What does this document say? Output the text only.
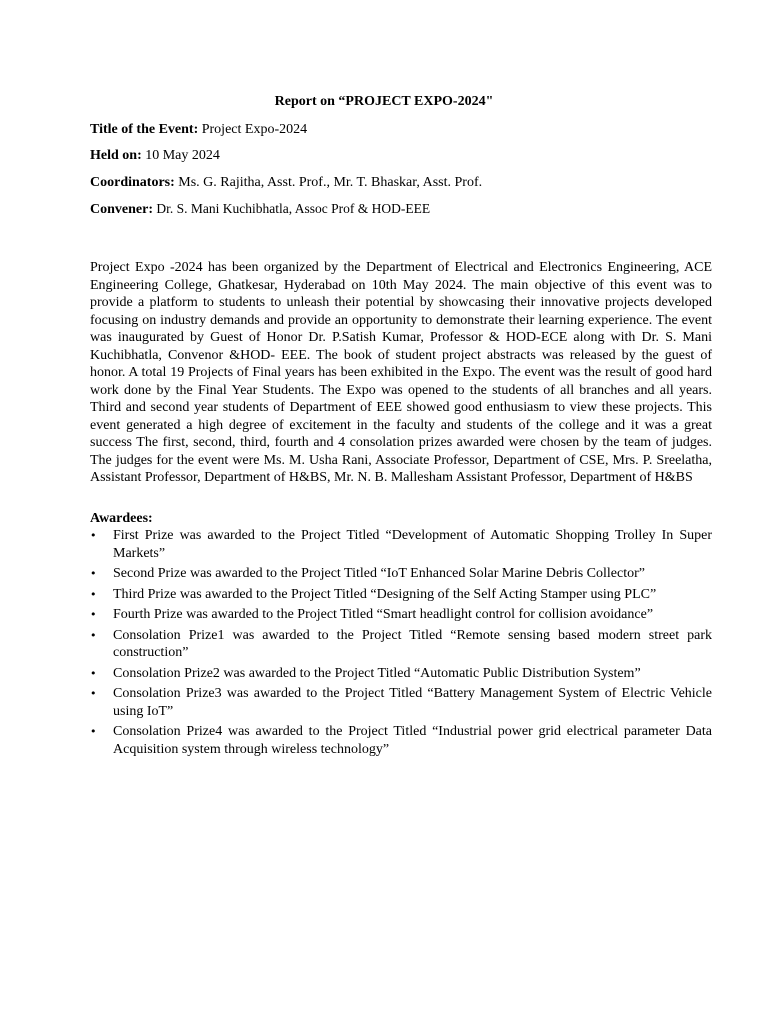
Report on “PROJECT EXPO-2024"
Title of the Event: Project Expo-2024
Held on: 10 May 2024
Coordinators: Ms. G. Rajitha, Asst. Prof., Mr. T. Bhaskar, Asst. Prof.
Convener: Dr. S. Mani Kuchibhatla, Assoc Prof & HOD-EEE

Project Expo -2024 has been organized by the Department of Electrical and Electronics Engineering, ACE Engineering College, Ghatkesar, Hyderabad on 10th May 2024. The main objective of this event was to provide a platform to students to unleash their potential by showcasing their innovative projects developed focusing on industry demands and provide an opportunity to demonstrate their learning experience. The event was inaugurated by Guest of Honor Dr. P.Satish Kumar, Professor & HOD-ECE along with Dr. S. Mani Kuchibhatla, Convenor &HOD- EEE. The book of student project abstracts was released by the guest of honor. A total 19 Projects of Final years has been exhibited in the Expo. The event was the result of good hard work done by the Final Year Students. The Expo was opened to the students of all branches and all years. Third and second year students of Department of EEE showed good enthusiasm to view these projects. This event generated a high degree of excitement in the faculty and students of the college and it was a great success The first, second, third, fourth and 4 consolation prizes awarded were chosen by the team of judges. The judges for the event were Ms. M. Usha Rani, Associate Professor, Department of CSE, Mrs. P. Sreelatha, Assistant Professor, Department of H&BS, Mr. N. B. Mallesham Assistant Professor, Department of H&BS

Awardees:
•	First Prize was awarded to the Project Titled “Development of Automatic Shopping Trolley In Super Markets”
•	Second Prize was awarded to the Project Titled “IoT Enhanced Solar Marine Debris Collector”
•	Third Prize was awarded to the Project Titled “Designing of the Self Acting Stamper using PLC”
•	Fourth Prize was awarded to the Project Titled “Smart headlight control for collision avoidance”
•	Consolation Prize1 was awarded to the Project Titled “Remote sensing based modern street park construction”
•	Consolation Prize2 was awarded to the Project Titled “Automatic Public Distribution System”
•	Consolation Prize3 was awarded to the Project Titled “Battery Management System of Electric Vehicle using IoT”
•	Consolation Prize4 was awarded to the Project Titled “Industrial power grid electrical parameter Data Acquisition system through wireless technology”
